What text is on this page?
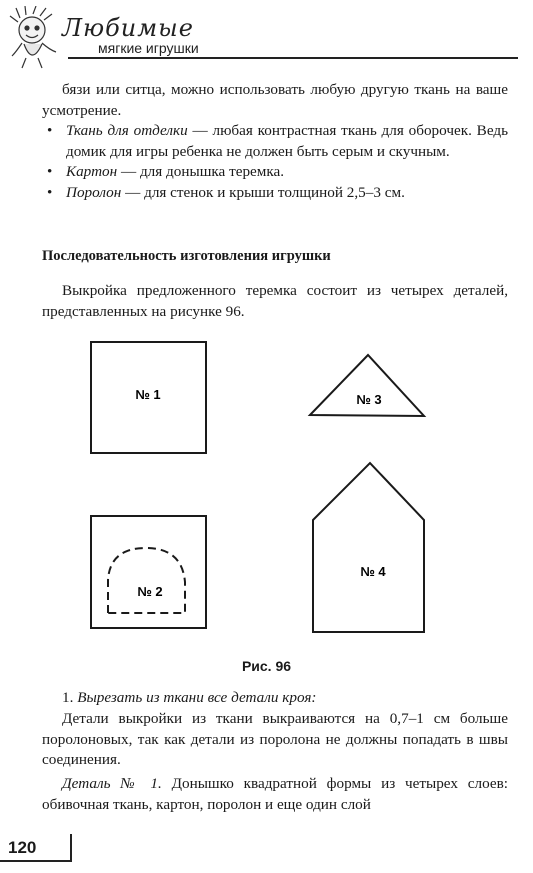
Любимые
мягкие игрушки
бязи или ситца, можно использовать любую другую ткань на ваше усмотрение.

• Ткань для отделки — любая контрастная ткань для оборочек. Ведь домик для игры ребенка не должен быть серым и скучным.

• Картон — для донышка теремка.

• Поролон — для стенок и крыши толщиной 2,5–3 см.

Последовательность изготовления игрушки
Выкройка предложенного теремка состоит из четырех деталей, представленных на рисунке 96.
№ 1
№ 2
№ 3
№ 4
Рис. 96
1. Вырезать из ткани все детали кроя:
Детали выкройки из ткани выкраиваются на 0,7–1 см больше поролоновых, так как детали из поролона не должны попадать в швы соединения.
Деталь № 1. Донышко квадратной формы из четырех слоев: обивочная ткань, картон, поролон и еще один слой
120
